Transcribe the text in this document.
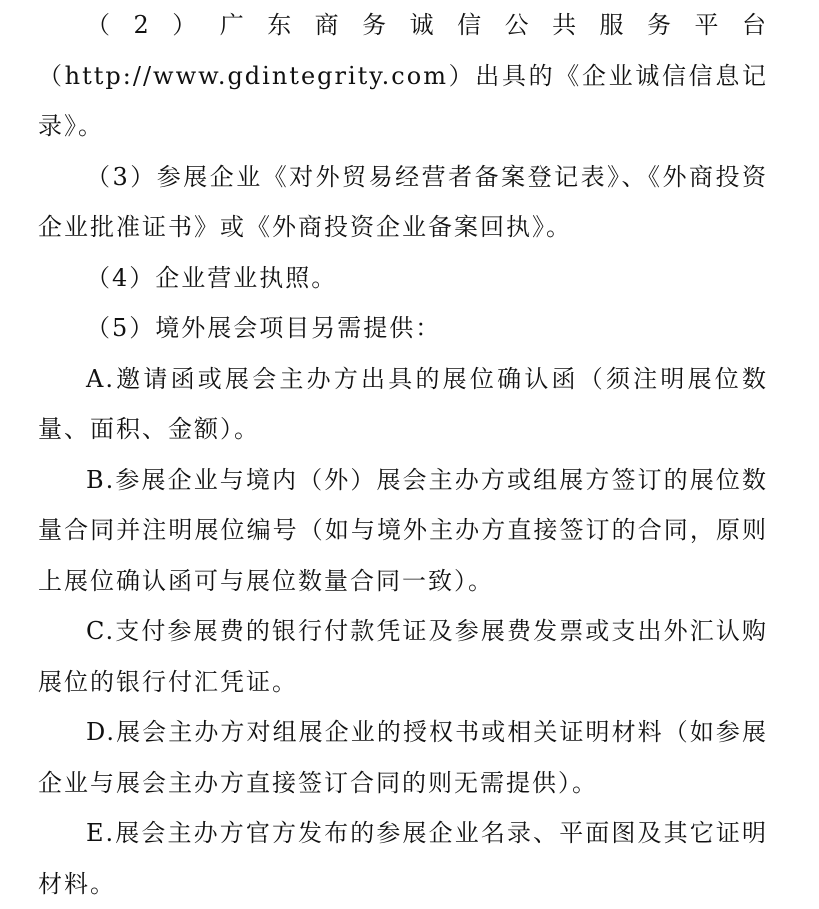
（2）广东商务诚信公共服务平台（http://www.gdintegrity.com）出具的《企业诚信信息记录》。

（3）参展企业《对外贸易经营者备案登记表》、《外商投资企业批准证书》或《外商投资企业备案回执》。

（4）企业营业执照。

（5）境外展会项目另需提供：

A.邀请函或展会主办方出具的展位确认函（须注明展位数量、面积、金额）。

B.参展企业与境内（外）展会主办方或组展方签订的展位数量合同并注明展位编号（如与境外主办方直接签订的合同，原则上展位确认函可与展位数量合同一致）。

C.支付参展费的银行付款凭证及参展费发票或支出外汇认购展位的银行付汇凭证。

D.展会主办方对组展企业的授权书或相关证明材料（如参展企业与展会主办方直接签订合同的则无需提供）。

E.展会主办方官方发布的参展企业名录、平面图及其它证明材料。
